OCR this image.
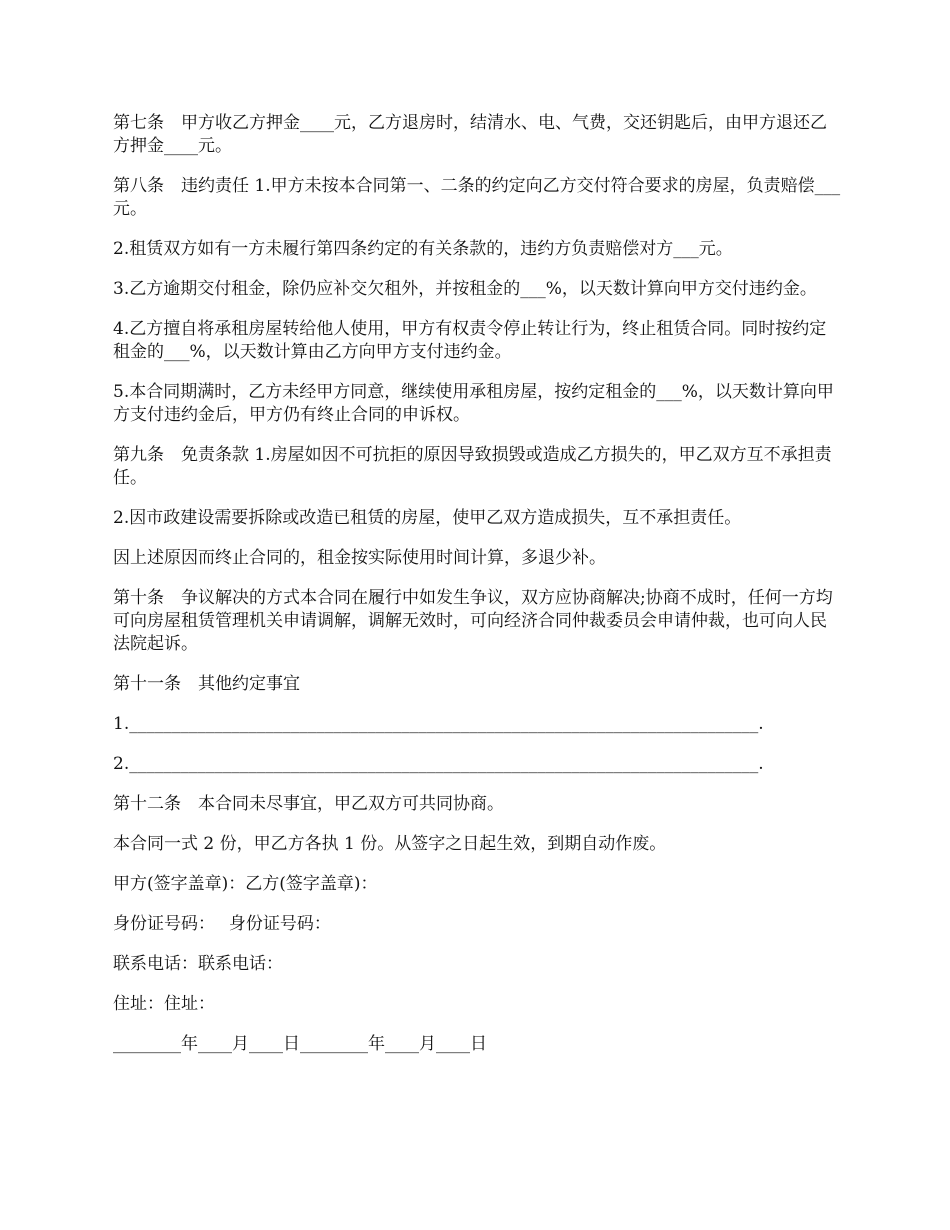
第七条　甲方收乙方押金____元，乙方退房时，结清水、电、气费，交还钥匙后，由甲方退还乙方押金____元。

第八条　违约责任 1.甲方未按本合同第一、二条的约定向乙方交付符合要求的房屋，负责赔偿___元。

2.租赁双方如有一方未履行第四条约定的有关条款的，违约方负责赔偿对方___元。

3.乙方逾期交付租金，除仍应补交欠租外，并按租金的___%，以天数计算向甲方交付违约金。

4.乙方擅自将承租房屋转给他人使用，甲方有权责令停止转让行为，终止租赁合同。同时按约定租金的___%，以天数计算由乙方向甲方支付违约金。

5.本合同期满时，乙方未经甲方同意，继续使用承租房屋，按约定租金的___%，以天数计算向甲方支付违约金后，甲方仍有终止合同的申诉权。

第九条　免责条款 1.房屋如因不可抗拒的原因导致损毁或造成乙方损失的，甲乙双方互不承担责任。

2.因市政建设需要拆除或改造已租赁的房屋，使甲乙双方造成损失，互不承担责任。

因上述原因而终止合同的，租金按实际使用时间计算，多退少补。

第十条　争议解决的方式本合同在履行中如发生争议，双方应协商解决;协商不成时，任何一方均可向房屋租赁管理机关申请调解，调解无效时，可向经济合同仲裁委员会申请仲裁，也可向人民法院起诉。

第十一条　其他约定事宜

1.__________________________________________________________________________.

2.__________________________________________________________________________.

第十二条　本合同未尽事宜，甲乙双方可共同协商。

本合同一式 2 份，甲乙方各执 1 份。从签字之日起生效，到期自动作废。

甲方(签字盖章)：乙方(签字盖章)：

身份证号码：　 身份证号码：

联系电话：联系电话：

住址：住址：

________年____月____日________年____月____日
